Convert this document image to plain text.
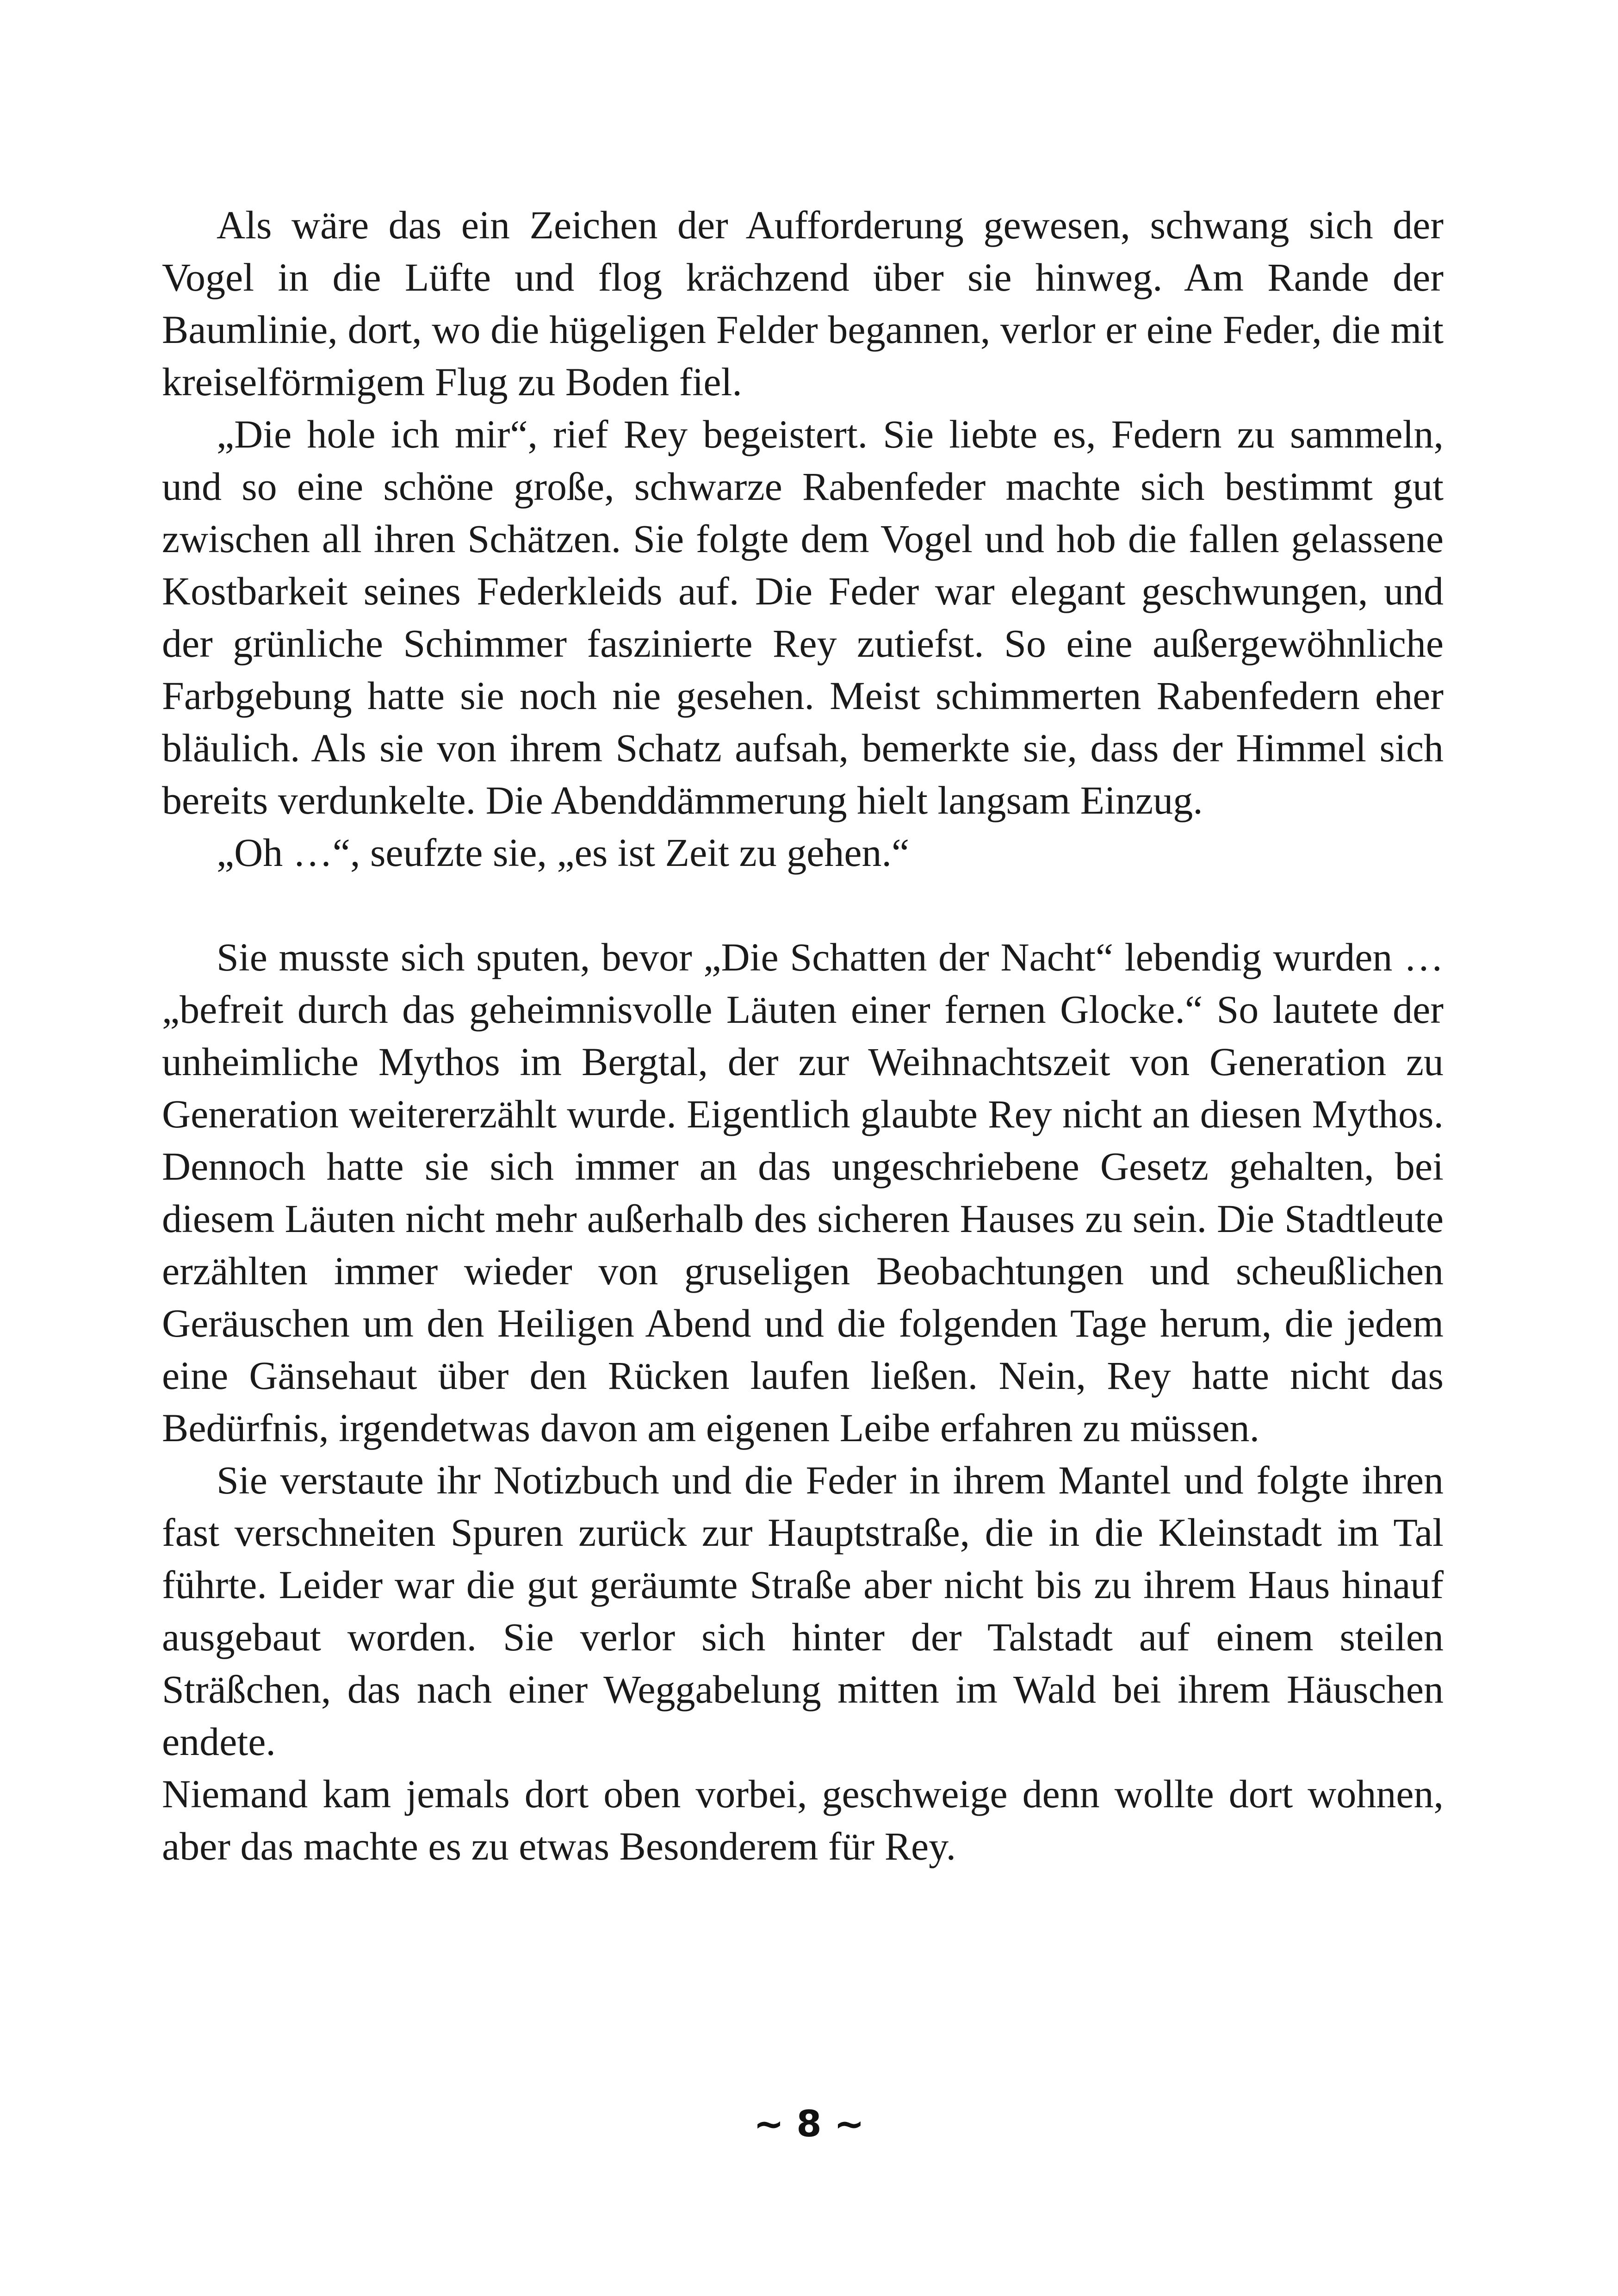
Als wäre das ein Zeichen der Aufforderung gewesen, schwang sich der Vogel in die Lüfte und flog krächzend über sie hinweg. Am Rande der Baumlinie, dort, wo die hügeligen Felder begannen, verlor er eine Feder, die mit kreiselförmigem Flug zu Boden fiel.

„Die hole ich mir“, rief Rey begeistert. Sie liebte es, Federn zu sammeln, und so eine schöne große, schwarze Rabenfeder machte sich bestimmt gut zwischen all ihren Schätzen. Sie folgte dem Vogel und hob die fallen gelassene Kostbarkeit seines Federkleids auf. Die Feder war elegant geschwungen, und der grünliche Schimmer faszinierte Rey zutiefst. So eine außergewöhnliche Farbgebung hatte sie noch nie gesehen. Meist schimmerten Rabenfedern eher bläulich. Als sie von ihrem Schatz aufsah, bemerkte sie, dass der Himmel sich bereits verdunkelte. Die Abenddämmerung hielt langsam Einzug.

„Oh …“, seufzte sie, „es ist Zeit zu gehen.“

Sie musste sich sputen, bevor „Die Schatten der Nacht“ lebendig wurden … „befreit durch das geheimnisvolle Läuten einer fernen Glocke.“ So lautete der unheimliche Mythos im Bergtal, der zur Weihnachtszeit von Generation zu Generation weitererzählt wurde. Eigentlich glaubte Rey nicht an diesen Mythos. Dennoch hatte sie sich immer an das ungeschriebene Gesetz gehalten, bei diesem Läuten nicht mehr außerhalb des sicheren Hauses zu sein. Die Stadtleute erzählten immer wieder von gruseligen Beobachtungen und scheußlichen Geräuschen um den Heiligen Abend und die folgenden Tage herum, die jedem eine Gänsehaut über den Rücken laufen ließen. Nein, Rey hatte nicht das Bedürfnis, irgendetwas davon am eigenen Leibe erfahren zu müssen.

Sie verstaute ihr Notizbuch und die Feder in ihrem Mantel und folgte ihren fast verschneiten Spuren zurück zur Hauptstraße, die in die Kleinstadt im Tal führte. Leider war die gut geräumte Straße aber nicht bis zu ihrem Haus hinauf ausgebaut worden. Sie verlor sich hinter der Talstadt auf einem steilen Sträßchen, das nach einer Weggabelung mitten im Wald bei ihrem Häuschen endete.

Niemand kam jemals dort oben vorbei, geschweige denn wollte dort wohnen, aber das machte es zu etwas Besonderem für Rey.

~ 8 ~
